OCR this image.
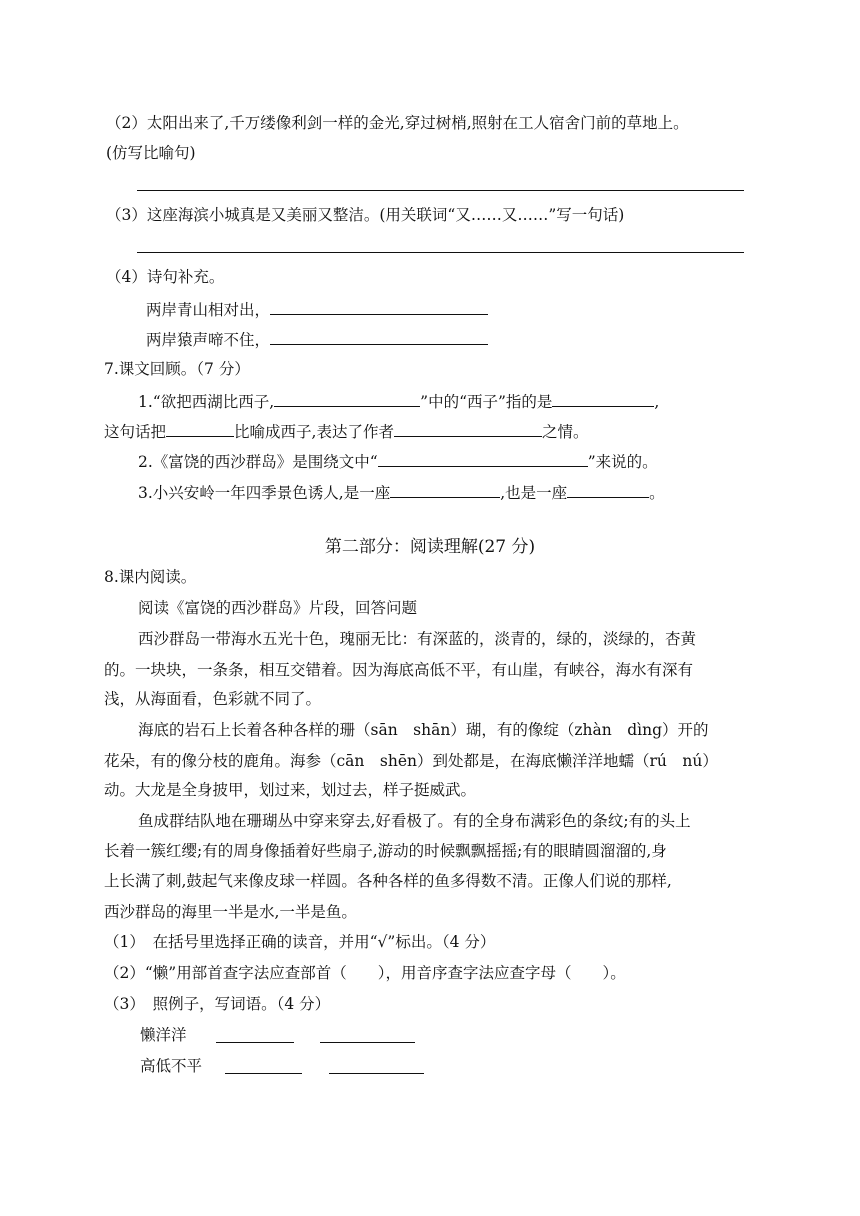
（2）太阳出来了,千万缕像利剑一样的金光,穿过树梢,照射在工人宿舍门前的草地上。
(仿写比喻句)
（3）这座海滨小城真是又美丽又整洁。(用关联词“又……又……”写一句话)
（4）诗句补充。
两岸青山相对出，
两岸猿声啼不住，
7.课文回顾。（7 分）
1.“欲把西湖比西子,	”中的“西子”指的是	,
这句话把	比喻成西子,表达了作者	之情。
2.《富饶的西沙群岛》是围绕文中“	”来说的。
3.小兴安岭一年四季景色诱人,是一座	,也是一座	。
第二部分：阅读理解(27 分)
8.课内阅读。
阅读《富饶的西沙群岛》片段，回答问题
西沙群岛一带海水五光十色，瑰丽无比：有深蓝的，淡青的，绿的，淡绿的，杏黄
的。一块块，一条条，相互交错着。因为海底高低不平，有山崖，有峡谷，海水有深有
浅，从海面看，色彩就不同了。
海底的岩石上长着各种各样的珊（sān　shān）瑚，有的像绽（zhàn　dìng）开的
花朵，有的像分枝的鹿角。海参（cān　shēn）到处都是，在海底懒洋洋地蠕（rú　nú）
动。大龙是全身披甲，划过来，划过去，样子挺威武。
鱼成群结队地在珊瑚丛中穿来穿去,好看极了。有的全身布满彩色的条纹;有的头上
长着一簇红缨;有的周身像插着好些扇子,游动的时候飘飘摇摇;有的眼睛圆溜溜的,身
上长满了刺,鼓起气来像皮球一样圆。各种各样的鱼多得数不清。正像人们说的那样,
西沙群岛的海里一半是水,一半是鱼。
（1）　在括号里选择正确的读音，并用“√”标出。（4 分）
（2）“懒”用部首查字法应查部首（　　），用音序查字法应查字母（　　）。
（3）　照例子，写词语。（4 分）
懒洋洋
高低不平
